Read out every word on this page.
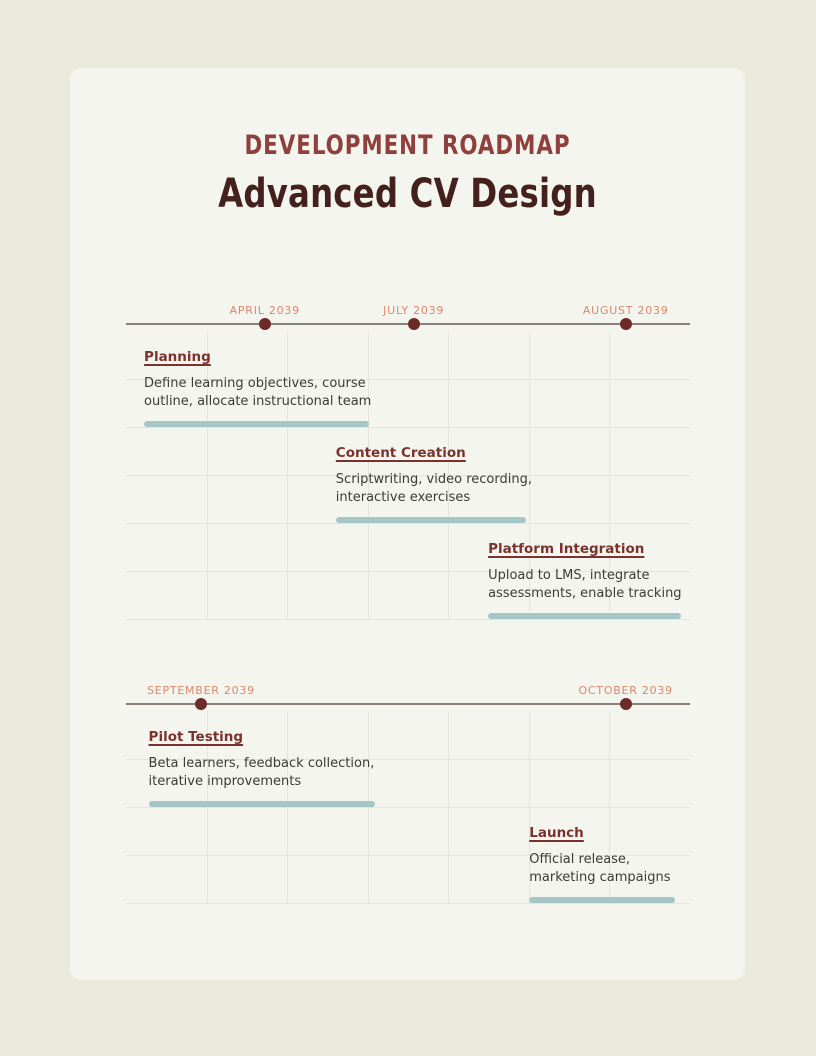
DEVELOPMENT ROADMAP
Advanced CV Design
APRIL 2039	JULY 2039	AUGUST 2039
Planning
Define learning objectives, course outline, allocate instructional team
Content Creation
Scriptwriting, video recording, interactive exercises
Platform Integration
Upload to LMS, integrate assessments, enable tracking
SEPTEMBER 2039	OCTOBER 2039
Pilot Testing
Beta learners, feedback collection, iterative improvements
Launch
Official release, marketing campaigns
